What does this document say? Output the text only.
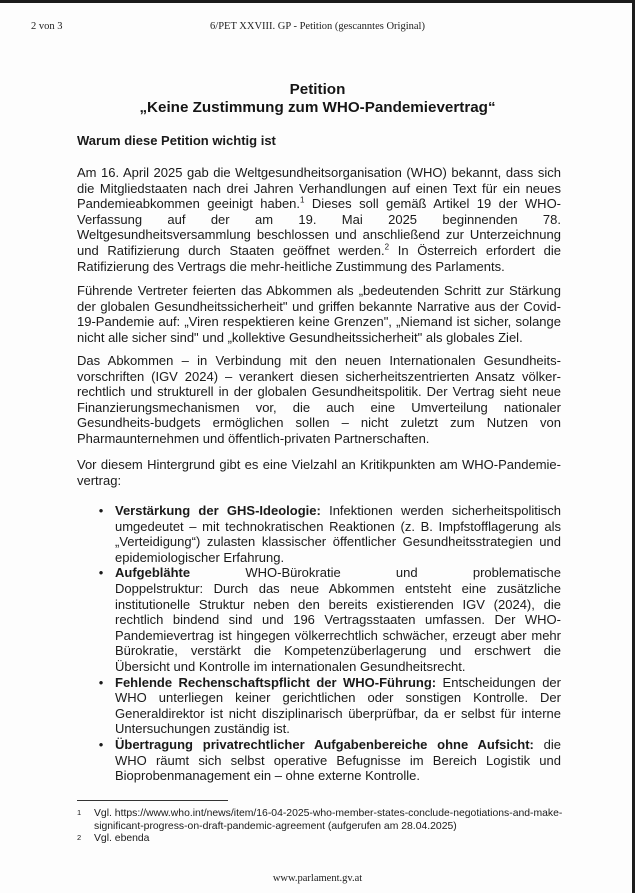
2 von 3	6/PET XXVIII. GP - Petition (gescanntes Original)
Petition
„Keine Zustimmung zum WHO-Pandemievertrag“
Warum diese Petition wichtig ist

Am 16. April 2025 gab die Weltgesundheitsorganisation (WHO) bekannt, dass sich die Mitgliedstaaten nach drei Jahren Verhandlungen auf einen Text für ein neues Pandemieabkommen geeinigt haben.$^1$ Dieses soll gemäß Artikel 19 der WHO-Verfassung auf der am 19. Mai 2025 beginnenden 78. Weltgesundheitsversammlung beschlossen und anschließend zur Unterzeichnung und Ratifizierung durch Staaten geöffnet werden.$^2$ In Österreich erfordert die Ratifizierung des Vertrags die mehr-heitliche Zustimmung des Parlaments.

Führende Vertreter feierten das Abkommen als „bedeutenden Schritt zur Stärkung der globalen Gesundheitssicherheit" und griffen bekannte Narrative aus der Covid-19-Pandemie auf: „Viren respektieren keine Grenzen", „Niemand ist sicher, solange nicht alle sicher sind" und „kollektive Gesundheitssicherheit" als globales Ziel.

Das Abkommen – in Verbindung mit den neuen Internationalen Gesundheits-vorschriften (IGV 2024) – verankert diesen sicherheitszentrierten Ansatz völker-rechtlich und strukturell in der globalen Gesundheitspolitik. Der Vertrag sieht neue Finanzierungsmechanismen vor, die auch eine Umverteilung nationaler Gesundheits-budgets ermöglichen sollen – nicht zuletzt zum Nutzen von Pharmaunternehmen und öffentlich-privaten Partnerschaften.

Vor diesem Hintergrund gibt es eine Vielzahl an Kritikpunkten am WHO-Pandemie-vertrag:

• Verstärkung der GHS-Ideologie: Infektionen werden sicherheitspolitisch umgedeutet – mit technokratischen Reaktionen (z. B. Impfstofflagerung als „Verteidigung“) zulasten klassischer öffentlicher Gesundheitsstrategien und epidemiologischer Erfahrung.
• Aufgeblähte WHO-Bürokratie und problematische Doppelstruktur: Durch das neue Abkommen entsteht eine zusätzliche institutionelle Struktur neben den bereits existierenden IGV (2024), die rechtlich bindend sind und 196 Vertragsstaaten umfassen. Der WHO-Pandemievertrag ist hingegen völkerrechtlich schwächer, erzeugt aber mehr Bürokratie, verstärkt die Kompetenzüberlagerung und erschwert die Übersicht und Kontrolle im internationalen Gesundheitsrecht.
• Fehlende Rechenschaftspflicht der WHO-Führung: Entscheidungen der WHO unterliegen keiner gerichtlichen oder sonstigen Kontrolle. Der Generaldirektor ist nicht disziplinarisch überprüfbar, da er selbst für interne Untersuchungen zuständig ist.
• Übertragung privatrechtlicher Aufgabenbereiche ohne Aufsicht: die WHO räumt sich selbst operative Befugnisse im Bereich Logistik und Bioprobenmanagement ein – ohne externe Kontrolle.
1 Vgl. https://www.who.int/news/item/16-04-2025-who-member-states-conclude-negotiations-and-make-significant-progress-on-draft-pandemic-agreement (aufgerufen am 28.04.2025)
2 Vgl. ebenda
www.parlament.gv.at
